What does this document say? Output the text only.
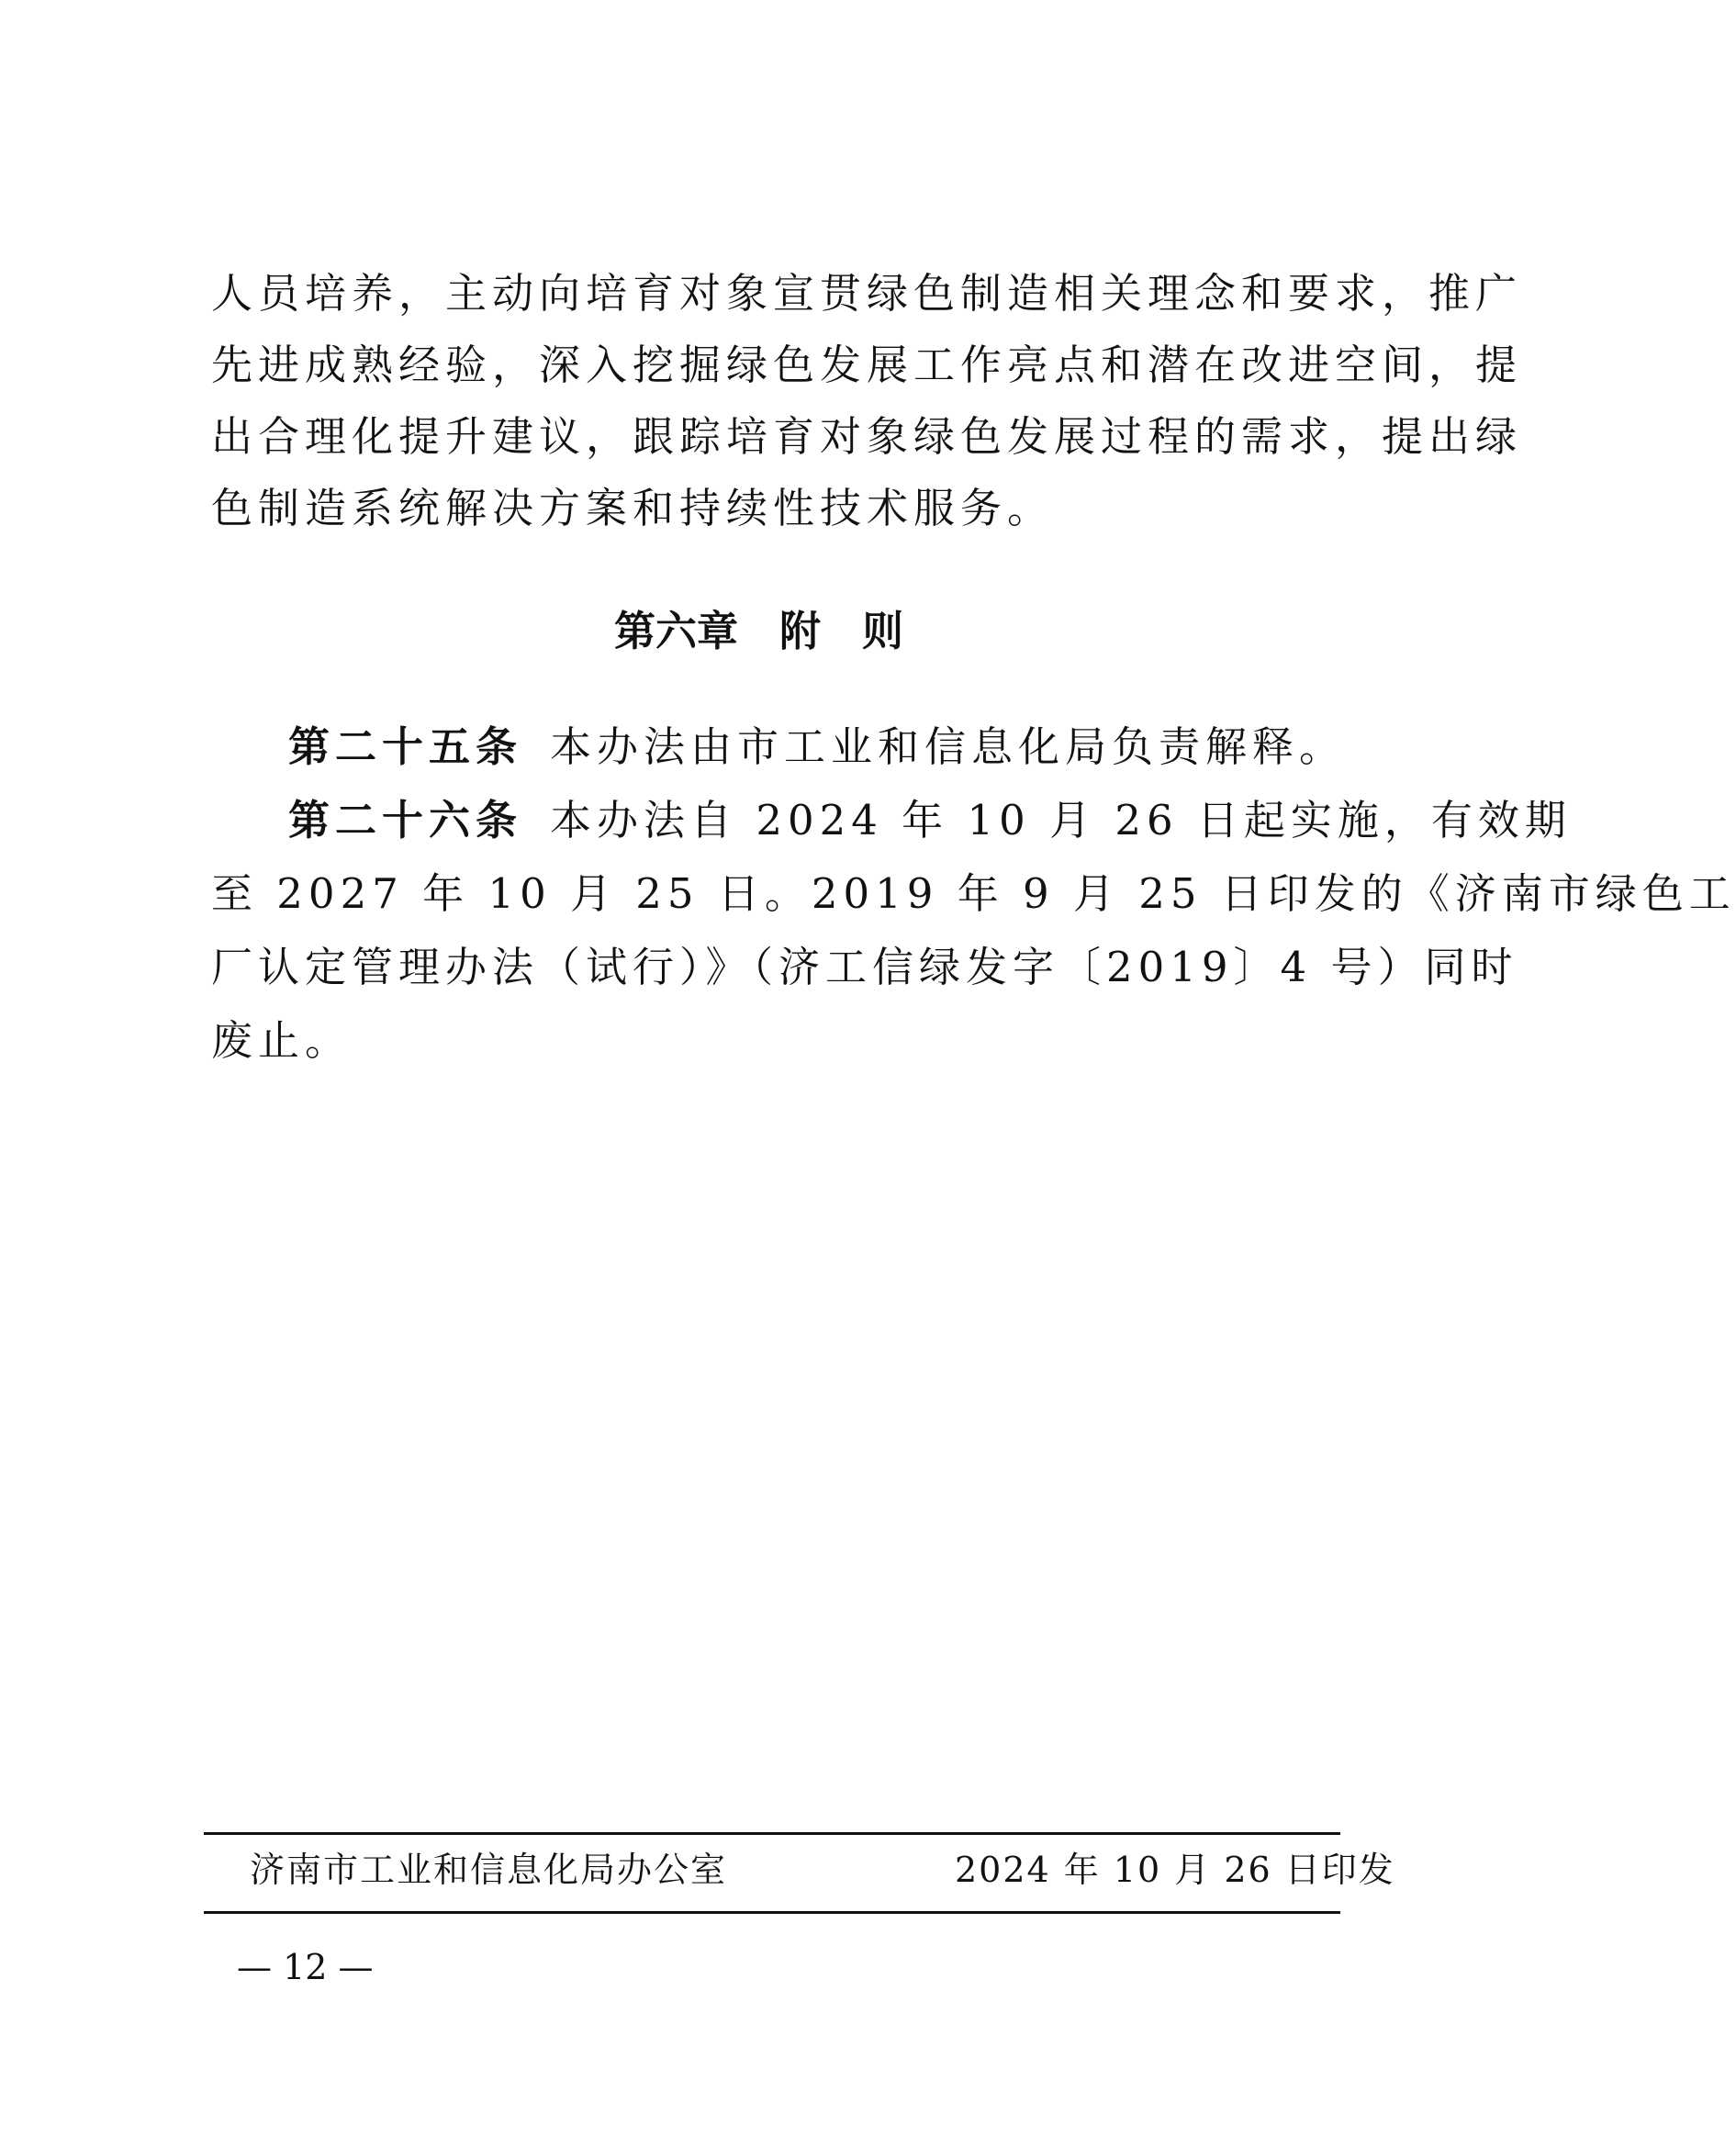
人员培养，主动向培育对象宣贯绿色制造相关理念和要求，推广
先进成熟经验，深入挖掘绿色发展工作亮点和潜在改进空间，提
出合理化提升建议，跟踪培育对象绿色发展过程的需求，提出绿
色制造系统解决方案和持续性技术服务。
第六章 附 则
第二十五条 本办法由市工业和信息化局负责解释。
第二十六条 本办法自 2024 年 10 月 26 日起实施，有效期
至 2027 年 10 月 25 日。2019 年 9 月 25 日印发的《济南市绿色工
厂认定管理办法（试行）》（济工信绿发字〔2019〕4 号）同时
废止。
济南市工业和信息化局办公室	2024 年 10 月 26 日印发
— 12 —
